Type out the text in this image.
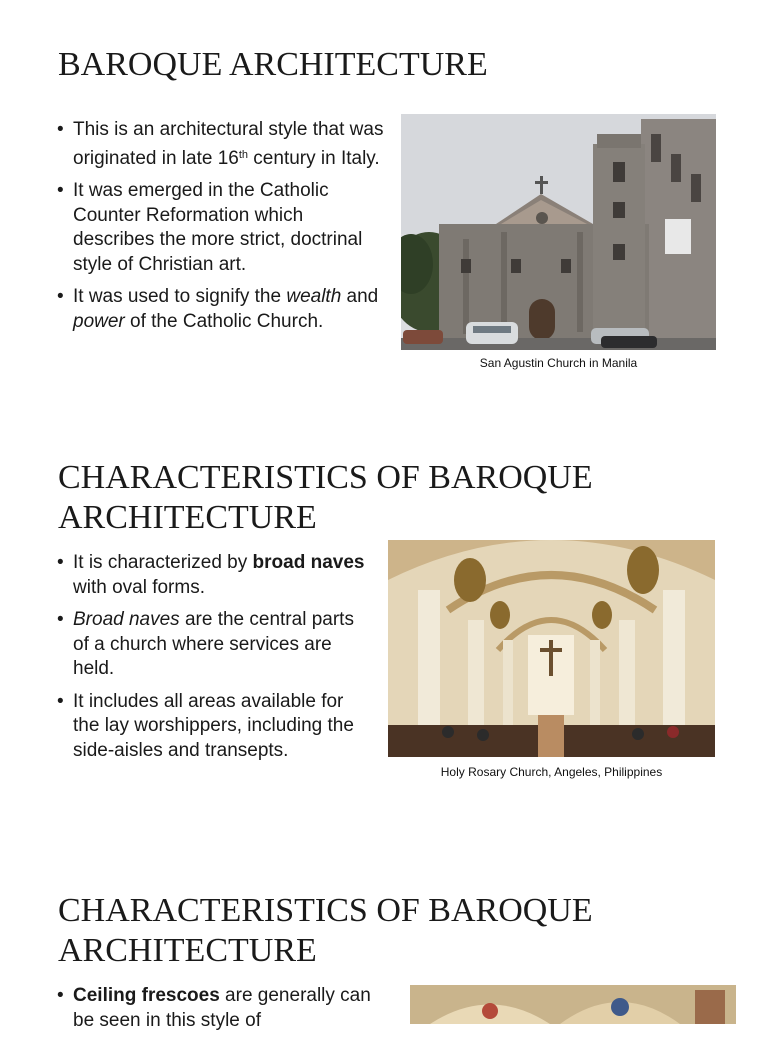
BAROQUE ARCHITECTURE
• This is an architectural style that was originated in late 16th century in Italy.
• It was emerged in the Catholic Counter Reformation which describes the more strict, doctrinal style of Christian art.
• It was used to signify the wealth and power of the Catholic Church.
San Agustin Church in Manila
CHARACTERISTICS OF BAROQUE ARCHITECTURE
• It is characterized by broad naves with oval forms.
• Broad naves are the central parts of a church where services are held.
• It includes all areas available for the lay worshippers, including the side-aisles and transepts.
Holy Rosary Church, Angeles, Philippines
CHARACTERISTICS OF BAROQUE ARCHITECTURE
• Ceiling frescoes are generally can be seen in this style of
